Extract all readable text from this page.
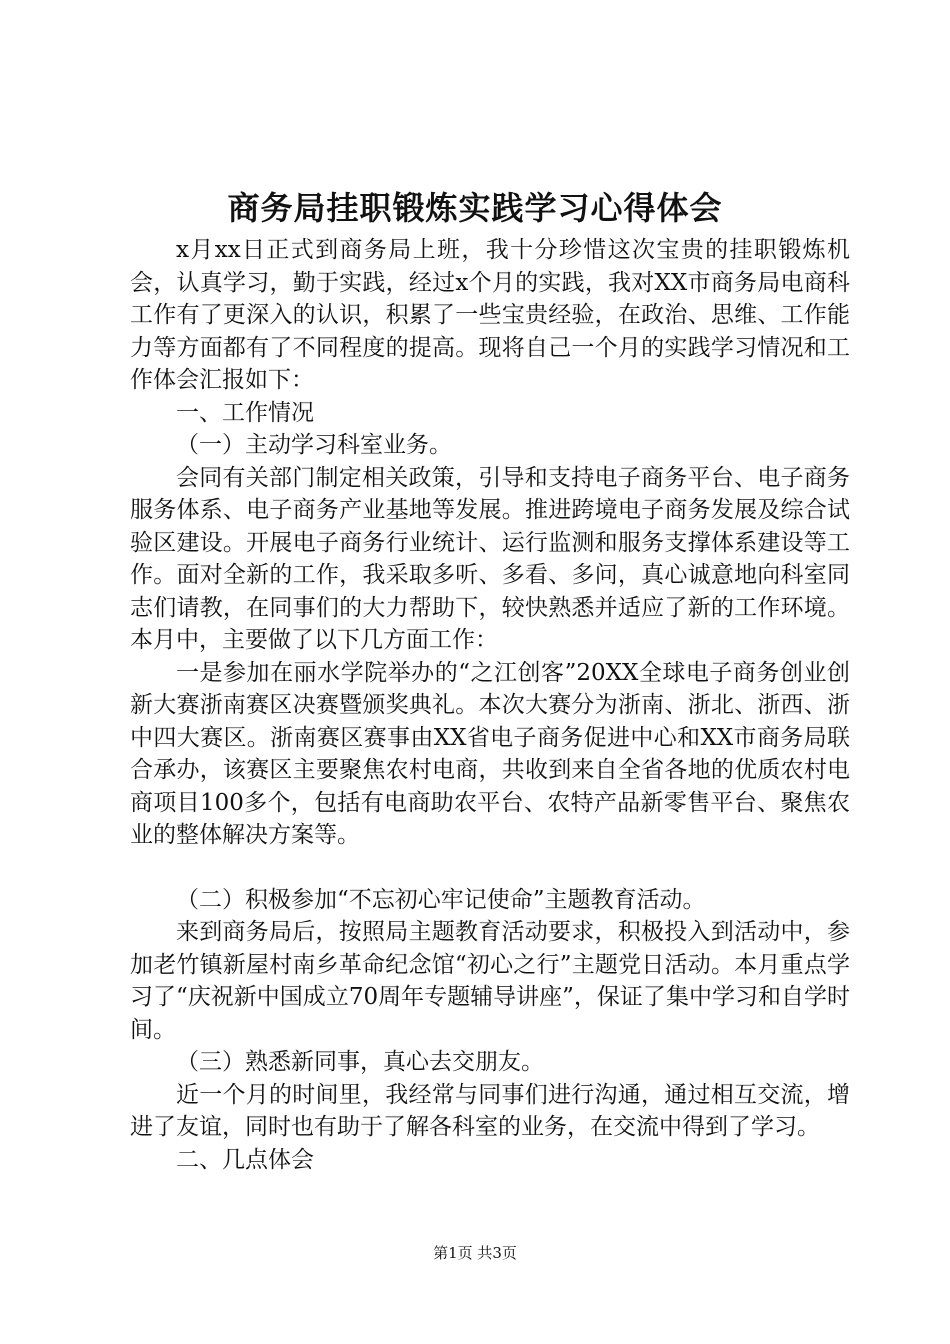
商务局挂职锻炼实践学习心得体会

x月xx日正式到商务局上班，我十分珍惜这次宝贵的挂职锻炼机会，认真学习，勤于实践，经过x个月的实践，我对XX市商务局电商科工作有了更深入的认识，积累了一些宝贵经验，在政治、思维、工作能力等方面都有了不同程度的提高。现将自己一个月的实践学习情况和工作体会汇报如下：

一、工作情况

（一）主动学习科室业务。

会同有关部门制定相关政策，引导和支持电子商务平台、电子商务服务体系、电子商务产业基地等发展。推进跨境电子商务发展及综合试验区建设。开展电子商务行业统计、运行监测和服务支撑体系建设等工作。面对全新的工作，我采取多听、多看、多问，真心诚意地向科室同志们请教，在同事们的大力帮助下，较快熟悉并适应了新的工作环境。本月中，主要做了以下几方面工作：

一是参加在丽水学院举办的“之江创客”20XX全球电子商务创业创新大赛浙南赛区决赛暨颁奖典礼。本次大赛分为浙南、浙北、浙西、浙中四大赛区。浙南赛区赛事由XX省电子商务促进中心和XX市商务局联合承办，该赛区主要聚焦农村电商，共收到来自全省各地的优质农村电商项目100多个，包括有电商助农平台、农特产品新零售平台、聚焦农业的整体解决方案等。

（二）积极参加“不忘初心牢记使命”主题教育活动。

来到商务局后，按照局主题教育活动要求，积极投入到活动中，参加老竹镇新屋村南乡革命纪念馆“初心之行”主题党日活动。本月重点学习了“庆祝新中国成立70周年专题辅导讲座”，保证了集中学习和自学时间。

（三）熟悉新同事，真心去交朋友。

近一个月的时间里，我经常与同事们进行沟通，通过相互交流，增进了友谊，同时也有助于了解各科室的业务，在交流中得到了学习。

二、几点体会

第1页 共3页
